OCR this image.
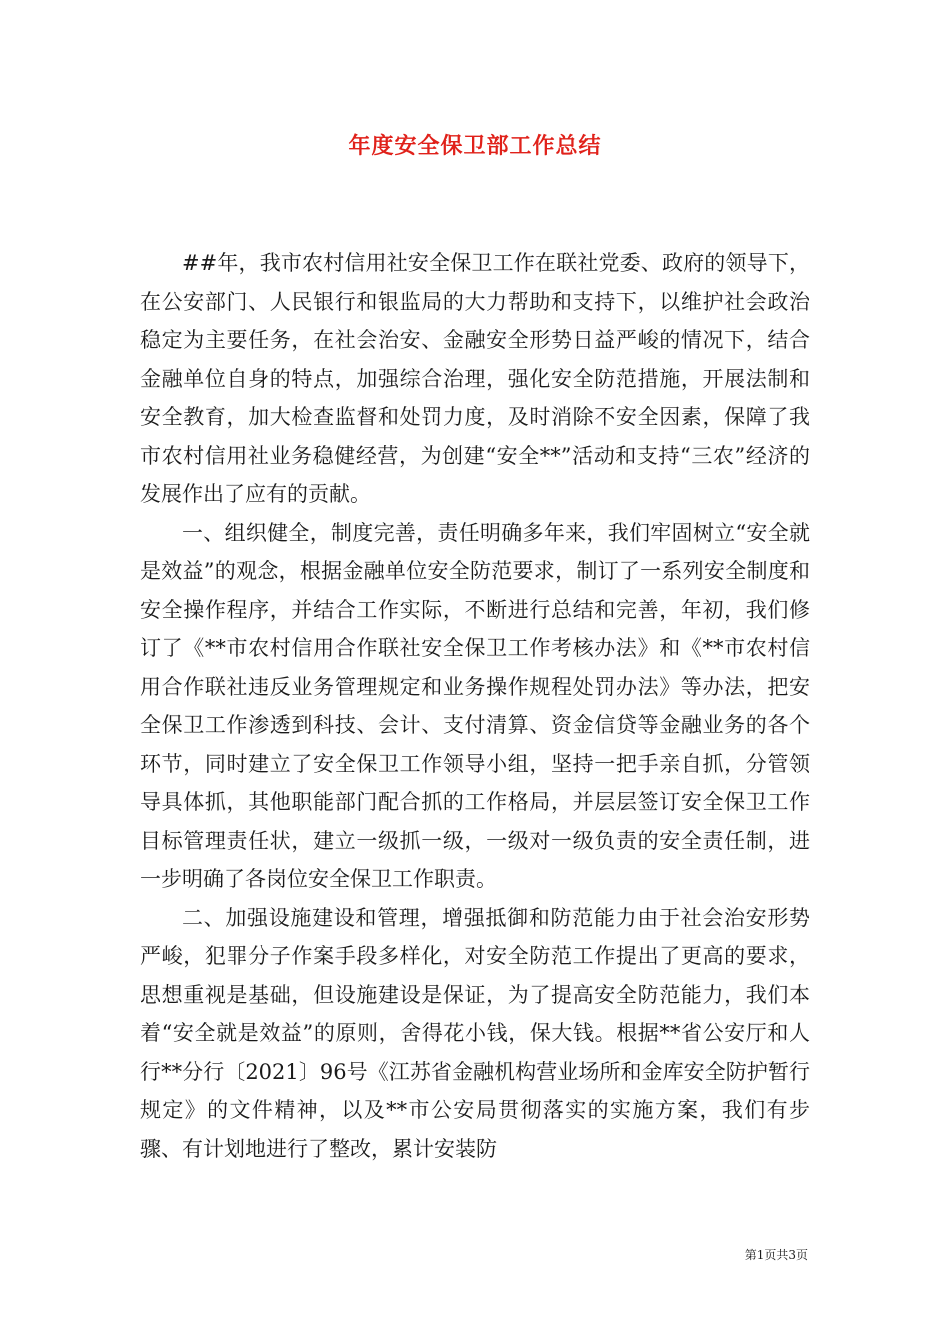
年度安全保卫部工作总结

##年，我市农村信用社安全保卫工作在联社党委、政府的领导下，在公安部门、人民银行和银监局的大力帮助和支持下，以维护社会政治稳定为主要任务，在社会治安、金融安全形势日益严峻的情况下，结合金融单位自身的特点，加强综合治理，强化安全防范措施，开展法制和安全教育，加大检查监督和处罚力度，及时消除不安全因素，保障了我市农村信用社业务稳健经营，为创建“安全**”活动和支持“三农”经济的发展作出了应有的贡献。

一、组织健全，制度完善，责任明确多年来，我们牢固树立“安全就是效益”的观念，根据金融单位安全防范要求，制订了一系列安全制度和安全操作程序，并结合工作实际，不断进行总结和完善，年初，我们修订了《**市农村信用合作联社安全保卫工作考核办法》和《**市农村信用合作联社违反业务管理规定和业务操作规程处罚办法》等办法，把安全保卫工作渗透到科技、会计、支付清算、资金信贷等金融业务的各个环节，同时建立了安全保卫工作领导小组，坚持一把手亲自抓，分管领导具体抓，其他职能部门配合抓的工作格局，并层层签订安全保卫工作目标管理责任状，建立一级抓一级，一级对一级负责的安全责任制，进一步明确了各岗位安全保卫工作职责。

二、加强设施建设和管理，增强抵御和防范能力由于社会治安形势严峻，犯罪分子作案手段多样化，对安全防范工作提出了更高的要求，思想重视是基础，但设施建设是保证，为了提高安全防范能力，我们本着“安全就是效益”的原则，舍得花小钱，保大钱。根据**省公安厅和人行**分行〔2021〕96号《江苏省金融机构营业场所和金库安全防护暂行规定》的文件精神，以及**市公安局贯彻落实的实施方案，我们有步骤、有计划地进行了整改，累计安装防

第1页共3页
